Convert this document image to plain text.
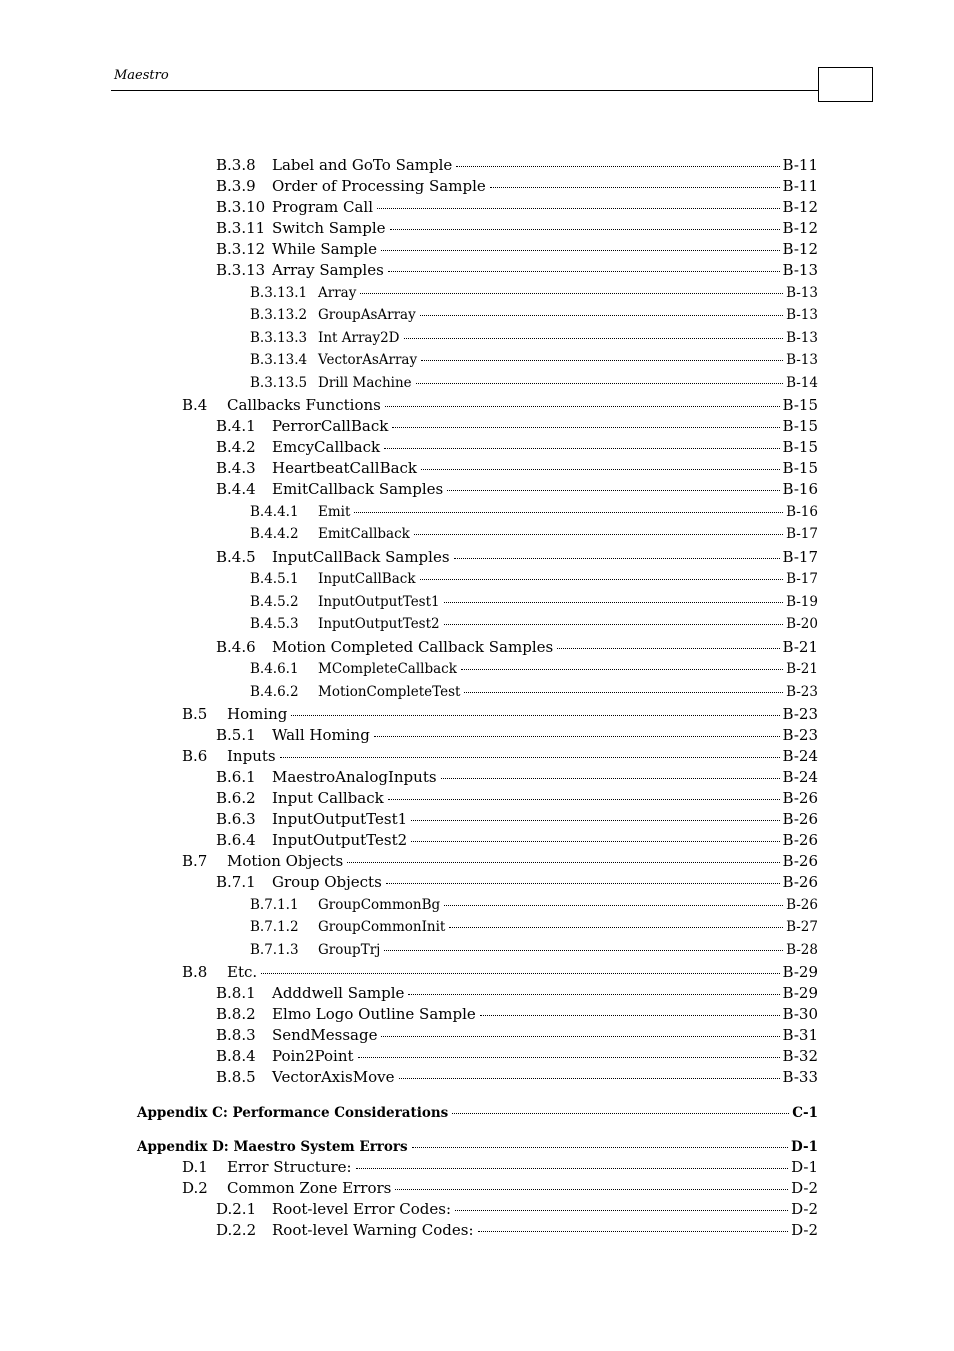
Maestro
B.3.8	Label and GoTo Sample	B-11
B.3.9	Order of Processing Sample	B-11
B.3.10 Program Call	B-12
B.3.11 Switch Sample	B-12
B.3.12 While Sample	B-12
B.3.13 Array Samples	B-13
B.3.13.1 Array	B-13
B.3.13.2 GroupAsArray	B-13
B.3.13.3 Int Array2D	B-13
B.3.13.4 VectorAsArray	B-13
B.3.13.5 Drill Machine	B-14
B.4	Callbacks Functions	B-15
B.4.1	PerrorCallBack	B-15
B.4.2	EmcyCallback	B-15
B.4.3	HeartbeatCallBack	B-15
B.4.4	EmitCallback Samples	B-16
B.4.4.1	Emit	B-16
B.4.4.2	EmitCallback	B-17
B.4.5	InputCallBack Samples	B-17
B.4.5.1	InputCallBack	B-17
B.4.5.2	InputOutputTest1	B-19
B.4.5.3	InputOutputTest2	B-20
B.4.6	Motion Completed Callback Samples	B-21
B.4.6.1	MCompleteCallback	B-21
B.4.6.2	MotionCompleteTest	B-23
B.5	Homing	B-23
B.5.1	Wall Homing	B-23
B.6	Inputs	B-24
B.6.1	MaestroAnalogInputs	B-24
B.6.2	Input Callback	B-26
B.6.3	InputOutputTest1	B-26
B.6.4	InputOutputTest2	B-26
B.7	Motion Objects	B-26
B.7.1	Group Objects	B-26
B.7.1.1	GroupCommonBg	B-26
B.7.1.2	GroupCommonInit	B-27
B.7.1.3	GroupTrj	B-28
B.8	Etc.	B-29
B.8.1	Adddwell Sample	B-29
B.8.2	Elmo Logo Outline Sample	B-30
B.8.3	SendMessage	B-31
B.8.4	Poin2Point	B-32
B.8.5	VectorAxisMove	B-33
Appendix C: Performance Considerations	C-1
Appendix D: Maestro System Errors	D-1
D.1	Error Structure:	D-1
D.2	Common Zone Errors	D-2
D.2.1	Root-level Error Codes:	D-2
D.2.2	Root-level Warning Codes:	D-2
